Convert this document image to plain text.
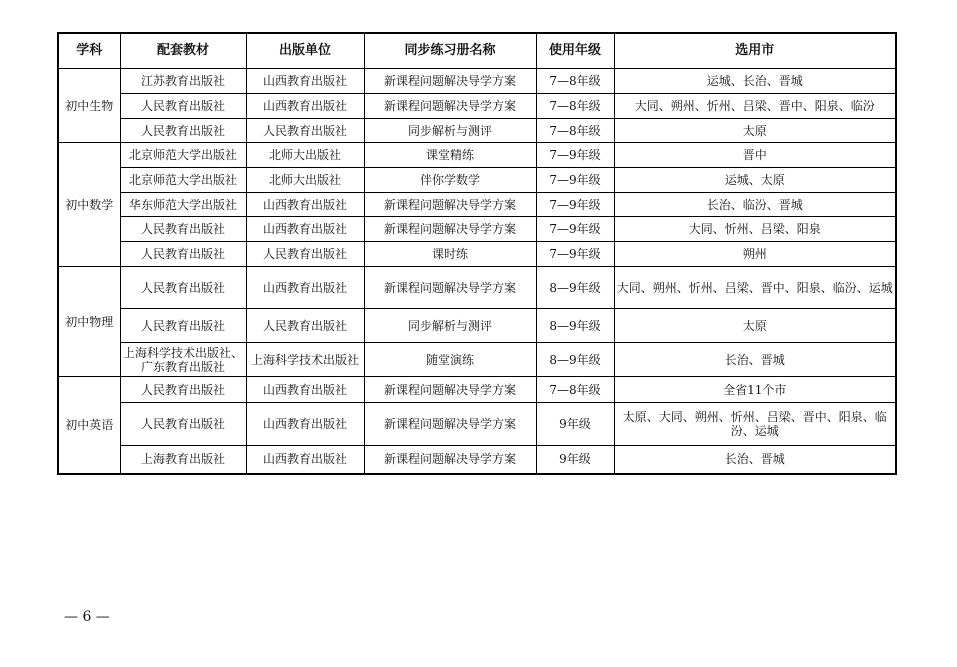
学科	配套教材	出版单位	同步练习册名称	使用年级	选用市
初中生物	江苏教育出版社	山西教育出版社	新课程问题解决导学方案	7—8年级	运城、长治、晋城
	人民教育出版社	山西教育出版社	新课程问题解决导学方案	7—8年级	大同、朔州、忻州、吕梁、晋中、阳泉、临汾
	人民教育出版社	人民教育出版社	同步解析与测评	7—8年级	太原
初中数学	北京师范大学出版社	北师大出版社	课堂精练	7—9年级	晋中
	北京师范大学出版社	北师大出版社	伴你学数学	7—9年级	运城、太原
	华东师范大学出版社	山西教育出版社	新课程问题解决导学方案	7—9年级	长治、临汾、晋城
	人民教育出版社	山西教育出版社	新课程问题解决导学方案	7—9年级	大同、忻州、吕梁、阳泉
	人民教育出版社	人民教育出版社	课时练	7—9年级	朔州
初中物理	人民教育出版社	山西教育出版社	新课程问题解决导学方案	8—9年级	大同、朔州、忻州、吕梁、晋中、阳泉、临汾、运城
	人民教育出版社	人民教育出版社	同步解析与测评	8—9年级	太原
	上海科学技术出版社、广东教育出版社	上海科学技术出版社	随堂演练	8—9年级	长治、晋城
初中英语	人民教育出版社	山西教育出版社	新课程问题解决导学方案	7—8年级	全省11个市
	人民教育出版社	山西教育出版社	新课程问题解决导学方案	9年级	太原、大同、朔州、忻州、吕梁、晋中、阳泉、临汾、运城
	上海教育出版社	山西教育出版社	新课程问题解决导学方案	9年级	长治、晋城
— 6 —
